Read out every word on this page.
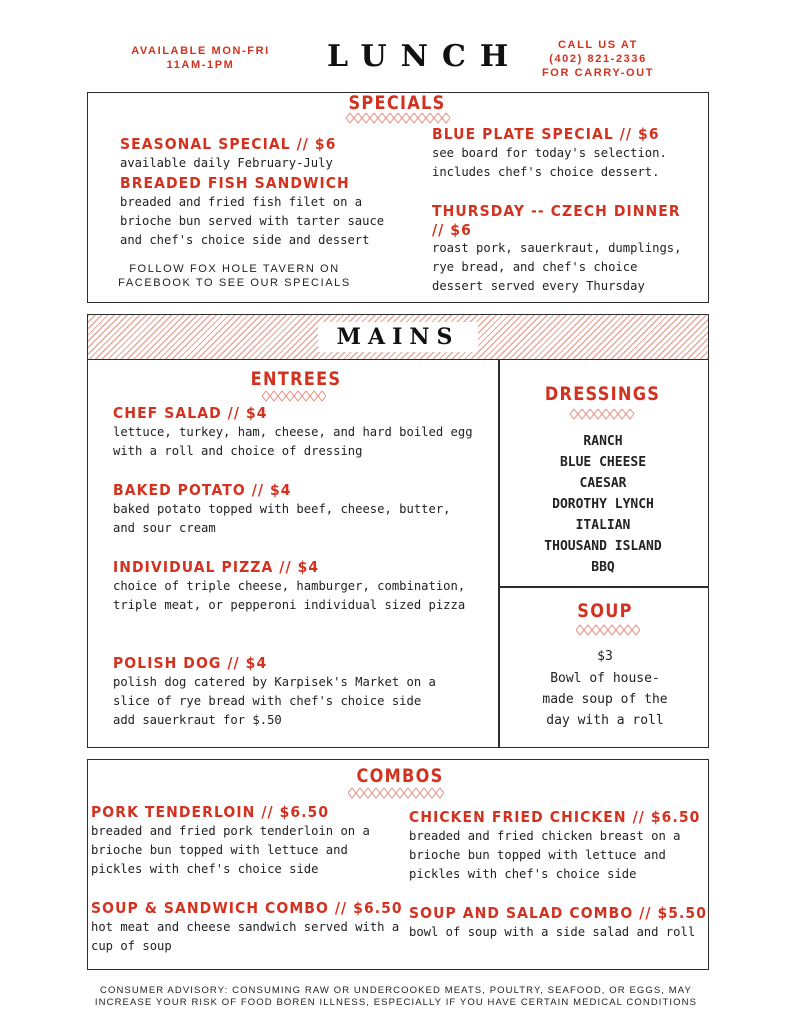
AVAILABLE MON-FRI
11AM-1PM	LUNCH	CALL US AT
(402) 821-2336
FOR CARRY-OUT
SPECIALS
SEASONAL SPECIAL // $6
available daily February-July
BREADED FISH SANDWICH
breaded and fried fish filet on a brioche bun served with tarter sauce and chef's choice side and dessert
FOLLOW FOX HOLE TAVERN ON
FACEBOOK TO SEE OUR SPECIALS
BLUE PLATE SPECIAL // $6
see board for today's selection. includes chef's choice dessert.
THURSDAY -- CZECH DINNER // $6
roast pork, sauerkraut, dumplings, rye bread, and chef's choice dessert served every Thursday
MAINS
ENTREES
CHEF SALAD // $4
lettuce, turkey, ham, cheese, and hard boiled egg with a roll and choice of dressing
BAKED POTATO // $4
baked potato topped with beef, cheese, butter, and sour cream
INDIVIDUAL PIZZA // $4
choice of triple cheese, hamburger, combination, triple meat, or pepperoni individual sized pizza
POLISH DOG // $4
polish dog catered by Karpisek's Market on a slice of rye bread with chef's choice side add sauerkraut for $.50
DRESSINGS
RANCH
BLUE CHEESE
CAESAR
DOROTHY LYNCH
ITALIAN
THOUSAND ISLAND
BBQ
SOUP
$3
Bowl of house-
made soup of the
day with a roll
COMBOS
PORK TENDERLOIN // $6.50
breaded and fried pork tenderloin on a brioche bun topped with lettuce and pickles with chef's choice side
CHICKEN FRIED CHICKEN // $6.50
breaded and fried chicken breast on a brioche bun topped with lettuce and pickles with chef's choice side
SOUP & SANDWICH COMBO // $6.50
hot meat and cheese sandwich served with a cup of soup
SOUP AND SALAD COMBO // $5.50
bowl of soup with a side salad and roll
CONSUMER ADVISORY: CONSUMING RAW OR UNDERCOOKED MEATS, POULTRY, SEAFOOD, OR EGGS, MAY
INCREASE YOUR RISK OF FOOD BOREN ILLNESS, ESPECIALLY IF YOU HAVE CERTAIN MEDICAL CONDITIONS
